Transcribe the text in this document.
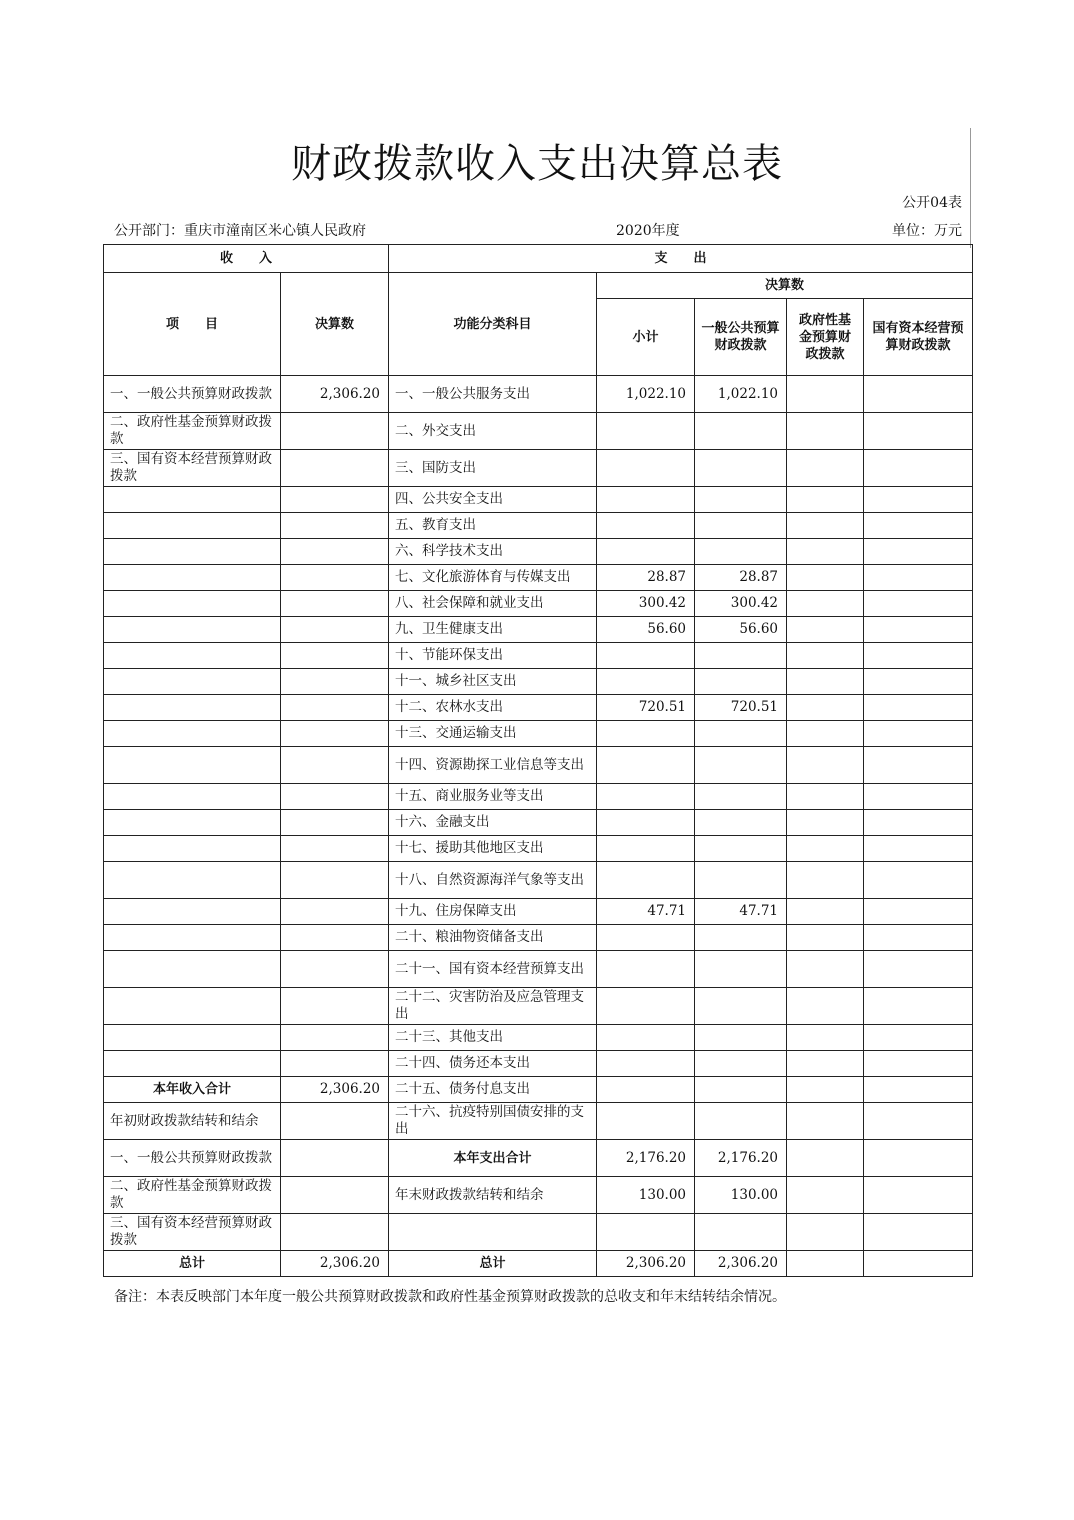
财政拨款收入支出决算总表
公开04表
公开部门：重庆市潼南区米心镇人民政府	2020年度	单位：万元
收　　入		支　　出				
项　　目	决算数	功能分类科目	决算数			
			小计	一般公共预算财政拨款	政府性基金预算财政拨款	国有资本经营预算财政拨款
一、一般公共预算财政拨款	2,306.20	一、一般公共服务支出	1,022.10	1,022.10		
二、政府性基金预算财政拨款		二、外交支出				
三、国有资本经营预算财政拨款		三、国防支出				
		四、公共安全支出				
		五、教育支出				
		六、科学技术支出				
		七、文化旅游体育与传媒支出	28.87	28.87		
		八、社会保障和就业支出	300.42	300.42		
		九、卫生健康支出	56.60	56.60		
		十、节能环保支出				
		十一、城乡社区支出				
		十二、农林水支出	720.51	720.51		
		十三、交通运输支出				
		十四、资源勘探工业信息等支出				
		十五、商业服务业等支出				
		十六、金融支出				
		十七、援助其他地区支出				
		十八、自然资源海洋气象等支出				
		十九、住房保障支出	47.71	47.71		
		二十、粮油物资储备支出				
		二十一、国有资本经营预算支出				
		二十二、灾害防治及应急管理支出				
		二十三、其他支出				
		二十四、债务还本支出				
本年收入合计	2,306.20	二十五、债务付息支出				
年初财政拨款结转和结余		二十六、抗疫特别国债安排的支出				
一、一般公共预算财政拨款		本年支出合计	2,176.20	2,176.20		
二、政府性基金预算财政拨款		年末财政拨款结转和结余	130.00	130.00		
三、国有资本经营预算财政拨款						
总计	2,306.20	总计	2,306.20	2,306.20		
备注：本表反映部门本年度一般公共预算财政拨款和政府性基金预算财政拨款的总收支和年末结转结余情况。
